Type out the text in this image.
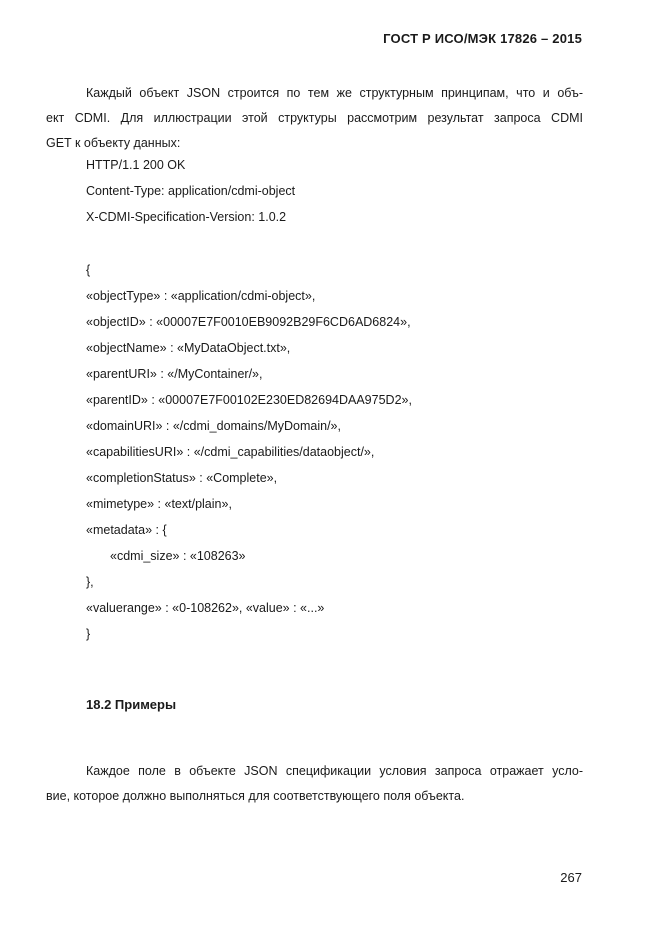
ГОСТ Р ИСО/МЭК 17826 – 2015
Каждый объект JSON строится по тем же структурным принципам, что и объ-
ект CDMI. Для иллюстрации этой структуры рассмотрим результат запроса CDMI
GET к объекту данных:
HTTP/1.1 200 OK
Content-Type: application/cdmi-object
X-CDMI-Specification-Version: 1.0.2
{
«objectType» : «application/cdmi-object»,
«objectID» : «00007E7F0010EB9092B29F6CD6AD6824»,
«objectName» : «MyDataObject.txt»,
«parentURI» : «/MyContainer/»,
«parentID» : «00007E7F00102E230ED82694DAA975D2»,
«domainURI» : «/cdmi_domains/MyDomain/»,
«capabilitiesURI» : «/cdmi_capabilities/dataobject/»,
«completionStatus» : «Complete»,
«mimetype» : «text/plain»,
«metadata» : {
«cdmi_size» : «108263»
},
«valuerange» : «0-108262», «value» : «...»
}
18.2 Примеры
Каждое поле в объекте JSON спецификации условия запроса отражает усло-
вие, которое должно выполняться для соответствующего поля объекта.
267
